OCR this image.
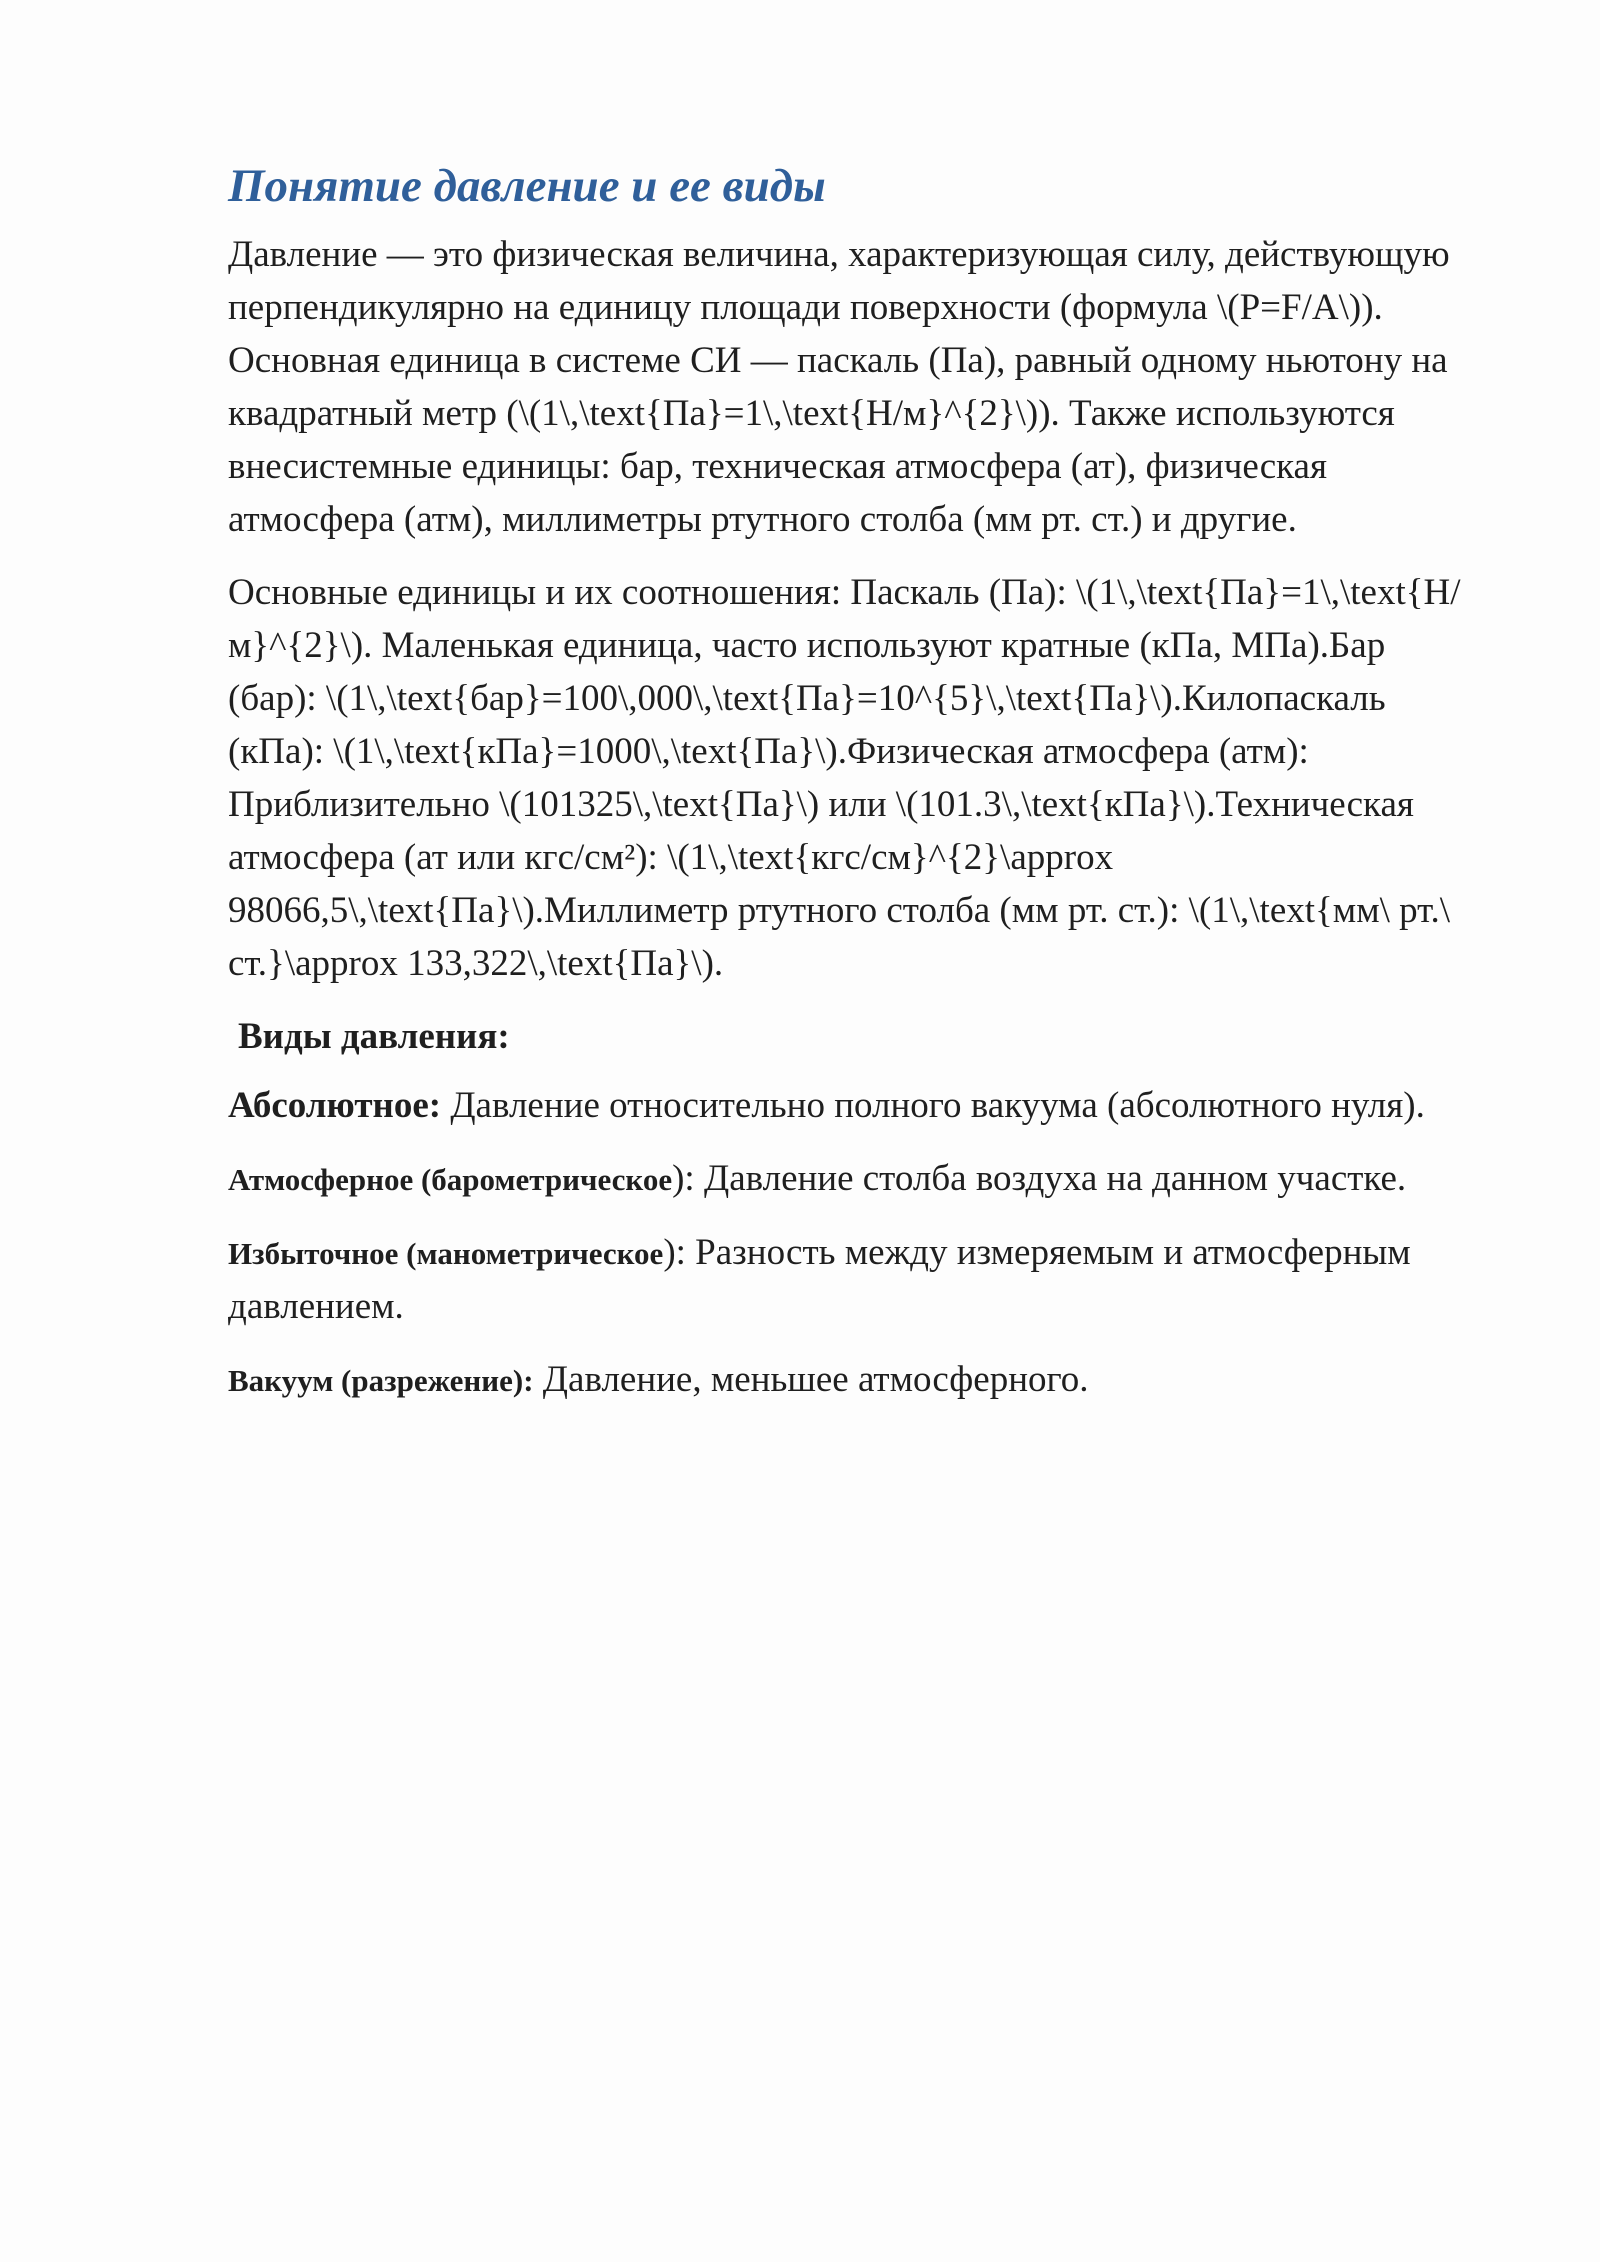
Понятие давление и ее виды

Давление — это физическая величина, характеризующая силу, действующую перпендикулярно на единицу площади поверхности (формула \(P=F/A\)). Основная единица в системе СИ — паскаль (Па), равный одному ньютону на квадратный метр (\(1\,\text{Па}=1\,\text{Н/м}^{2}\)). Также используются внесистемные единицы: бар, техническая атмосфера (ат), физическая атмосфера (атм), миллиметры ртутного столба (мм рт. ст.) и другие.

Основные единицы и их соотношения: Паскаль (Па): \(1\,\text{Па}=1\,\text{Н/м}^{2}\). Маленькая единица, часто используют кратные (кПа, МПа).Бар (бар): \(1\,\text{бар}=100\,000\,\text{Па}=10^{5}\,\text{Па}\).Килопаскаль (кПа): \(1\,\text{кПа}=1000\,\text{Па}\).Физическая атмосфера (атм): Приблизительно \(101325\,\text{Па}\) или \(101.3\,\text{кПа}\).Техническая атмосфера (ат или кгс/см²): \(1\,\text{кгс/см}^{2}\approx 98066,5\,\text{Па}\).Миллиметр ртутного столба (мм рт. ст.): \(1\,\text{мм\ рт.\ ст.}\approx 133,322\,\text{Па}\).

Виды давления:
Абсолютное: Давление относительно полного вакуума (абсолютного нуля).
Атмосферное (барометрическое): Давление столба воздуха на данном участке.
Избыточное (манометрическое): Разность между измеряемым и атмосферным давлением.
Вакуум (разрежение): Давление, меньшее атмосферного.
